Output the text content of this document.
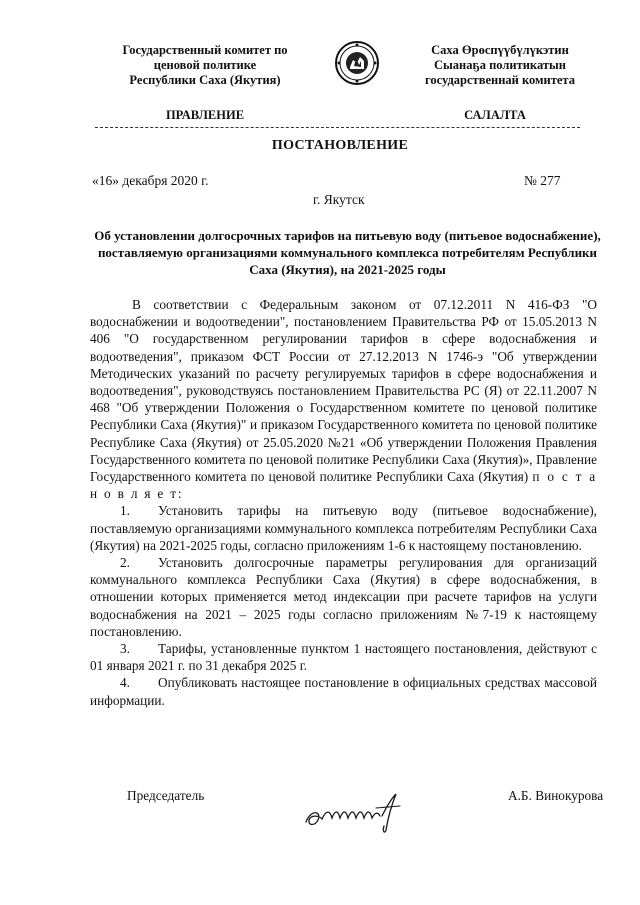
Государственный комитет по
ценовой политике
Республики Саха (Якутия)
Саха Өрөспүүбүлүкэтин
Сыанаҕа политикатын
государственнай комитета
ПРАВЛЕНИЕ	САЛАЛТА
ПОСТАНОВЛЕНИЕ
«16» декабря 2020 г.	№ 277
г. Якутск
Об установлении долгосрочных тарифов на питьевую воду (питьевое водоснабжение), поставляемую организациями коммунального комплекса потребителям Республики Саха (Якутия), на 2021-2025 годы

В соответствии с Федеральным законом от 07.12.2011 N 416-ФЗ "О водоснабжении и водоотведении", постановлением Правительства РФ от 15.05.2013 N 406 "О государственном регулировании тарифов в сфере водоснабжения и водоотведения", приказом ФСТ России от 27.12.2013 N 1746-э "Об утверждении Методических указаний по расчету регулируемых тарифов в сфере водоснабжения и водоотведения", руководствуясь постановлением Правительства РС (Я) от 22.11.2007 N 468 "Об утверждении Положения о Государственном комитете по ценовой политике Республики Саха (Якутия)" и приказом Государственного комитета по ценовой политике Республике Саха (Якутия) от 25.05.2020 №21 «Об утверждении Положения Правления Государственного комитета по ценовой политике Республики Саха (Якутия)», Правление Государственного комитета по ценовой политике Республики Саха (Якутия) п о с т а н о в л я е т:

1. Установить тарифы на питьевую воду (питьевое водоснабжение), поставляемую организациями коммунального комплекса потребителям Республики Саха (Якутия) на 2021-2025 годы, согласно приложениям 1-6 к настоящему постановлению.

2. Установить долгосрочные параметры регулирования для организаций коммунального комплекса Республики Саха (Якутия) в сфере водоснабжения, в отношении которых применяется метод индексации при расчете тарифов на услуги водоснабжения на 2021 – 2025 годы согласно приложениям №7-19 к настоящему постановлению.

3. Тарифы, установленные пунктом 1 настоящего постановления, действуют с 01 января 2021 г. по 31 декабря 2025 г.

4. Опубликовать настоящее постановление в официальных средствах массовой информации.

Председатель	А.Б. Винокурова
